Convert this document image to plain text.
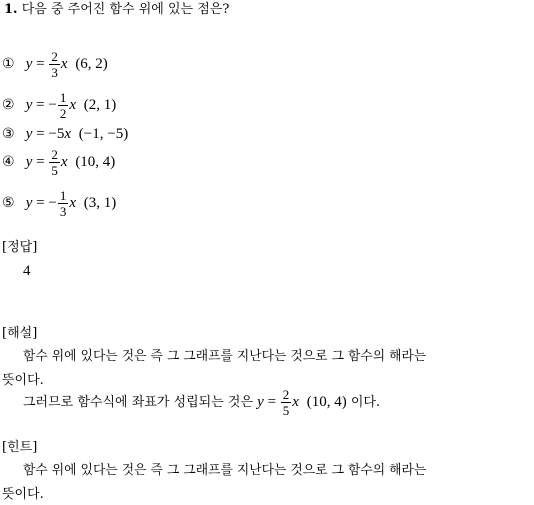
1. 다음 중 주어진 함수 위에 있는 점은?
① $y = \frac{2}{3}$ x (6, 2)
② y = − $\frac{1}{2}$ x (2, 1)
③ y = −5x (−1, −5)
④ $y = \frac{2}{5}$ x (10, 4)
⑤ y = − $\frac{1}{3}$ x (3, 1)
[정답]
4
[해설]
함수 위에 있다는 것은 즉 그 그래프를 지난다는 것으로 그 함수의 해라는
뜻이다.
그러므로 함수식에 좌표가 성립되는 것은 $y = \frac{2}{5}$ x (10, 4) 이다.
[힌트]
함수 위에 있다는 것은 즉 그 그래프를 지난다는 것으로 그 함수의 해라는
뜻이다.
